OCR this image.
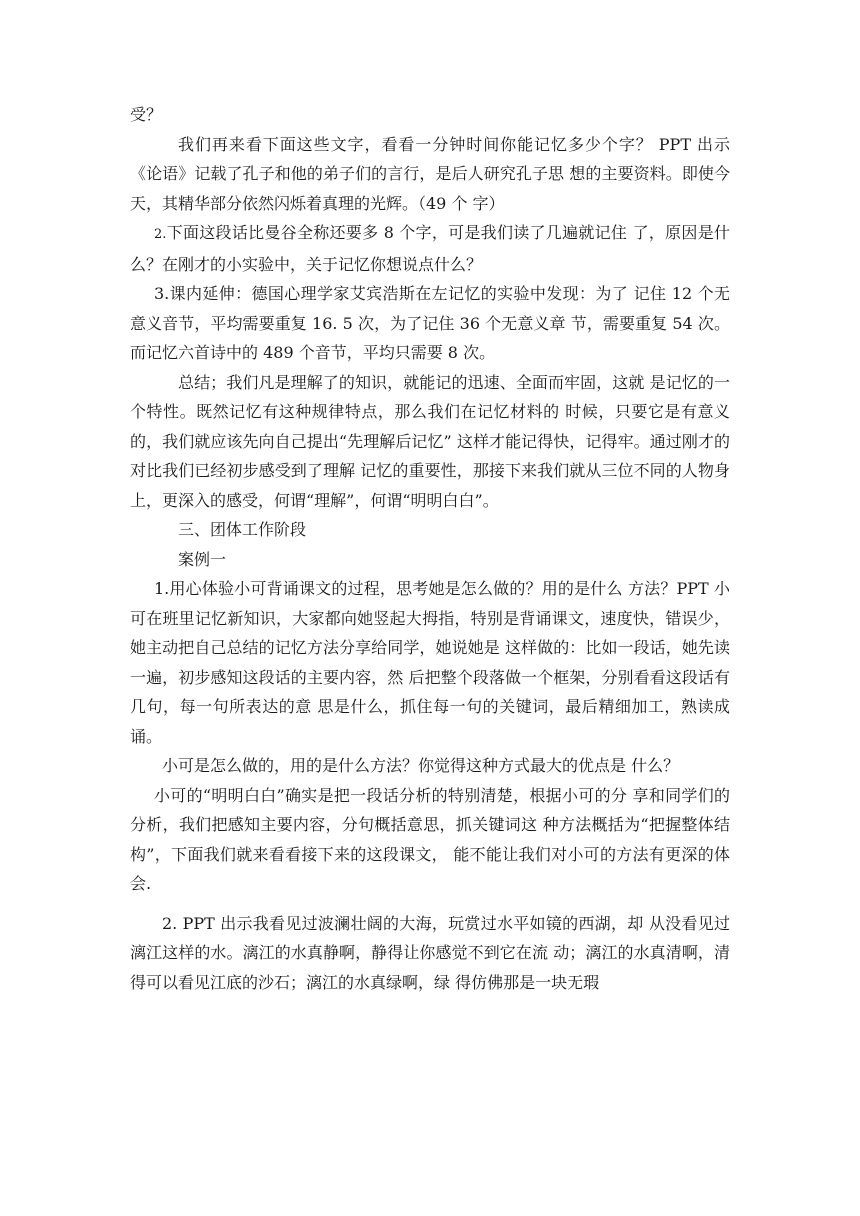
受？

我们再来看下面这些文字，看看一分钟时间你能记忆多少个字？ PPT 出示《论语》记载了孔子和他的弟子们的言行，是后人研究孔子思 想的主要资料。即使今天，其精华部分依然闪烁着真理的光辉。（49 个 字）

2.下面这段话比曼谷全称还要多 8 个字，可是我们读了几遍就记住 了，原因是什么？在刚才的小实验中，关于记忆你想说点什么？

3.课内延伸：德国心理学家艾宾浩斯在左记忆的实验中发现：为了 记住 12 个无意义音节，平均需要重复 16. 5 次，为了记住 36 个无意义章 节，需要重复 54 次。而记忆六首诗中的 489 个音节，平均只需要 8 次。

总结；我们凡是理解了的知识，就能记的迅速、全面而牢固，这就 是记忆的一个特性。既然记忆有这种规律特点，那么我们在记忆材料的 时候，只要它是有意义的，我们就应该先向自己提出“先理解后记忆” 这样才能记得快，记得牢。通过刚才的对比我们已经初步感受到了理解 记忆的重要性，那接下来我们就从三位不同的人物身上，更深入的感受，何谓“理解”，何谓“明明白白”。

三、团体工作阶段

案例一

1.用心体验小可背诵课文的过程，思考她是怎么做的？用的是什么 方法？PPT 小可在班里记忆新知识，大家都向她竖起大拇指，特别是背诵课文，速度快，错误少，她主动把自己总结的记忆方法分享给同学，她说她是 这样做的：比如一段话，她先读一遍，初步感知这段话的主要内容，然 后把整个段落做一个框架，分别看看这段话有几句，每一句所表达的意 思是什么，抓住每一句的关键词，最后精细加工，熟读成诵。

小可是怎么做的，用的是什么方法？你觉得这种方式最大的优点是 什么？

小可的“明明白白”确实是把一段话分析的特别清楚，根据小可的分 享和同学们的分析，我们把感知主要内容，分句概括意思，抓关键词这 种方法概括为“把握整体结构”，下面我们就来看看接下来的这段课文， 能不能让我们对小可的方法有更深的体会.

2. PPT 出示我看见过波澜壮阔的大海，玩赏过水平如镜的西湖，却 从没看见过漓江这样的水。漓江的水真静啊，静得让你感觉不到它在流 动；漓江的水真清啊，清得可以看见江底的沙石；漓江的水真绿啊，绿 得仿佛那是一块无瑕
